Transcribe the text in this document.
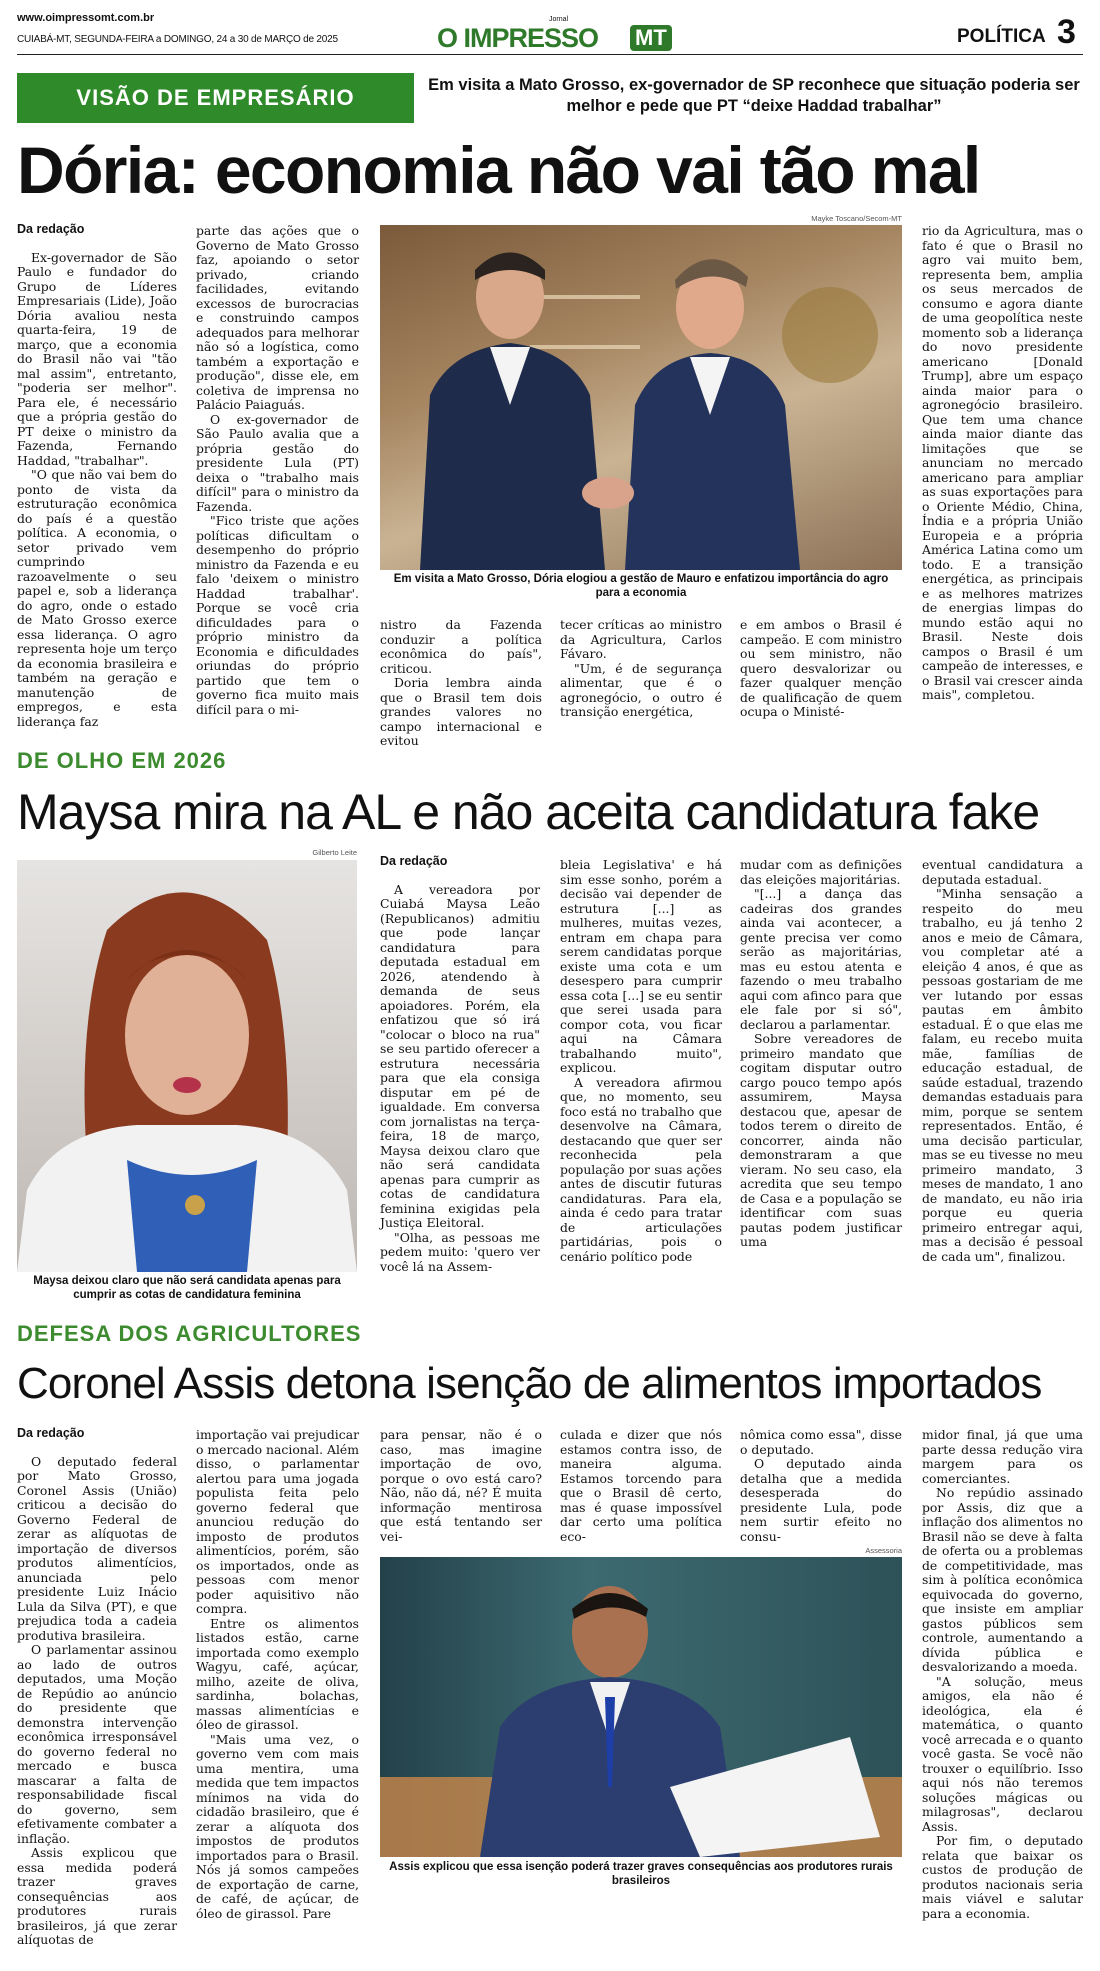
www.oimpressomt.com.br
CUIABÁ-MT, SEGUNDA-FEIRA a DOMINGO, 24 a 30 de MARÇO de 2025
Jornal
O IMPRESSO MT	POLÍTICA 3
VISÃO DE EMPRESÁRIO	Em visita a Mato Grosso, ex-governador de SP reconhece que situação poderia ser melhor e pede que PT “deixe Haddad trabalhar”
Dória: economia não vai tão mal
Da redação

Ex-governador de São Paulo e fundador do Grupo de Líderes Empresariais (Lide), João Dória avaliou nesta quarta-feira, 19 de março, que a economia do Brasil não vai "tão mal assim", entretanto, "poderia ser melhor". Para ele, é necessário que a própria gestão do PT deixe o ministro da Fazenda, Fernando Haddad, "trabalhar".

"O que não vai bem do ponto de vista da estruturação econômica do país é a questão política. A economia, o setor privado vem cumprindo razoavelmente o seu papel e, sob a liderança do agro, onde o estado de Mato Grosso exerce essa liderança. O agro representa hoje um terço da economia brasileira e também na geração e manutenção de empregos, e esta liderança faz

parte das ações que o Governo de Mato Grosso faz, apoiando o setor privado, criando facilidades, evitando excessos de burocracias e construindo campos adequados para melhorar não só a logística, como também a exportação e produção", disse ele, em coletiva de imprensa no Palácio Paiaguás.

O ex-governador de São Paulo avalia que a própria gestão do presidente Lula (PT) deixa o "trabalho mais difícil" para o ministro da Fazenda.

"Fico triste que ações políticas dificultam o desempenho do próprio ministro da Fazenda e eu falo 'deixem o ministro Haddad trabalhar'. Porque se você cria dificuldades para o próprio ministro da Economia e dificuldades oriundas do próprio partido que tem o governo fica muito mais difícil para o mi-

Mayke Toscano/Secom-MT
Em visita a Mato Grosso, Dória elogiou a gestão de Mauro e enfatizou importância do agro para a economia

nistro da Fazenda conduzir a política econômica do país", criticou.

Doria lembra ainda que o Brasil tem dois grandes valores no campo internacional e evitou

tecer críticas ao ministro da Agricultura, Carlos Fávaro.

"Um, é de segurança alimentar, que é o agronegócio, o outro é transição energética,

e em ambos o Brasil é campeão. E com ministro ou sem ministro, não quero desvalorizar ou fazer qualquer menção de qualificação de quem ocupa o Ministé-

rio da Agricultura, mas o fato é que o Brasil no agro vai muito bem, representa bem, amplia os seus mercados de consumo e agora diante de uma geopolítica neste momento sob a liderança do novo presidente americano [Donald Trump], abre um espaço ainda maior para o agronegócio brasileiro. Que tem uma chance ainda maior diante das limitações que se anunciam no mercado americano para ampliar as suas exportações para o Oriente Médio, China, Índia e a própria União Europeia e a própria América Latina como um todo. E a transição energética, as principais e as melhores matrizes de energias limpas do mundo estão aqui no Brasil. Neste dois campos o Brasil é um campeão de interesses, e o Brasil vai crescer ainda mais", completou.

DE OLHO EM 2026
Maysa mira na AL e não aceita candidatura fake
Gilberto Leite
Maysa deixou claro que não será candidata apenas para cumprir as cotas de candidatura feminina
Da redação

A vereadora por Cuiabá Maysa Leão (Republicanos) admitiu que pode lançar candidatura para deputada estadual em 2026, atendendo à demanda de seus apoiadores. Porém, ela enfatizou que só irá "colocar o bloco na rua" se seu partido oferecer a estrutura necessária para que ela consiga disputar em pé de igualdade. Em conversa com jornalistas na terça-feira, 18 de março, Maysa deixou claro que não será candidata apenas para cumprir as cotas de candidatura feminina exigidas pela Justiça Eleitoral.

"Olha, as pessoas me pedem muito: 'quero ver você lá na Assem-

bleia Legislativa' e há sim esse sonho, porém a decisão vai depender de estrutura [...] as mulheres, muitas vezes, entram em chapa para serem candidatas porque existe uma cota e um desespero para cumprir essa cota [...] se eu sentir que serei usada para compor cota, vou ficar aqui na Câmara trabalhando muito", explicou.

A vereadora afirmou que, no momento, seu foco está no trabalho que desenvolve na Câmara, destacando que quer ser reconhecida pela população por suas ações antes de discutir futuras candidaturas. Para ela, ainda é cedo para tratar de articulações partidárias, pois o cenário político pode

mudar com as definições das eleições majoritárias.

"[...] a dança das cadeiras dos grandes ainda vai acontecer, a gente precisa ver como serão as majoritárias, mas eu estou atenta e fazendo o meu trabalho aqui com afinco para que ele fale por si só", declarou a parlamentar.

Sobre vereadores de primeiro mandato que cogitam disputar outro cargo pouco tempo após assumirem, Maysa destacou que, apesar de todos terem o direito de concorrer, ainda não demonstraram a que vieram. No seu caso, ela acredita que seu tempo de Casa e a população se identificar com suas pautas podem justificar uma

eventual candidatura a deputada estadual.

"Minha sensação a respeito do meu trabalho, eu já tenho 2 anos e meio de Câmara, vou completar até a eleição 4 anos, é que as pessoas gostariam de me ver lutando por essas pautas em âmbito estadual. É o que elas me falam, eu recebo muita mãe, famílias de educação estadual, de saúde estadual, trazendo demandas estaduais para mim, porque se sentem representados. Então, é uma decisão particular, mas se eu tivesse no meu primeiro mandato, 3 meses de mandato, 1 ano de mandato, eu não iria porque eu queria primeiro entregar aqui, mas a decisão é pessoal de cada um", finalizou.

DEFESA DOS AGRICULTORES
Coronel Assis detona isenção de alimentos importados
Da redação

O deputado federal por Mato Grosso, Coronel Assis (União) criticou a decisão do Governo Federal de zerar as alíquotas de importação de diversos produtos alimentícios, anunciada pelo presidente Luiz Inácio Lula da Silva (PT), e que prejudica toda a cadeia produtiva brasileira.

O parlamentar assinou ao lado de outros deputados, uma Moção de Repúdio ao anúncio do presidente que demonstra intervenção econômica irresponsável do governo federal no mercado e busca mascarar a falta de responsabilidade fiscal do governo, sem efetivamente combater a inflação.

Assis explicou que essa medida poderá trazer graves consequências aos produtores rurais brasileiros, já que zerar alíquotas de

importação vai prejudicar o mercado nacional. Além disso, o parlamentar alertou para uma jogada populista feita pelo governo federal que anunciou redução do imposto de produtos alimentícios, porém, são os importados, onde as pessoas com menor poder aquisitivo não compra.

Entre os alimentos listados estão, carne importada como exemplo Wagyu, café, açúcar, milho, azeite de oliva, sardinha, bolachas, massas alimentícias e óleo de girassol.

"Mais uma vez, o governo vem com mais uma mentira, uma medida que tem impactos mínimos na vida do cidadão brasileiro, que é zerar a alíquota dos impostos de produtos importados para o Brasil. Nós já somos campeões de exportação de carne, de café, de açúcar, de óleo de girassol. Pare

para pensar, não é o caso, mas imagine importação de ovo, porque o ovo está caro? Não, não dá, né? É muita informação mentirosa que está tentando ser vei-

culada e dizer que nós estamos contra isso, de maneira alguma. Estamos torcendo para que o Brasil dê certo, mas é quase impossível dar certo uma política eco-

nômica como essa", disse o deputado.

O deputado ainda detalha que a medida desesperada do presidente Lula, pode nem surtir efeito no consu-

Assessoria
Assis explicou que essa isenção poderá trazer graves consequências aos produtores rurais brasileiros

midor final, já que uma parte dessa redução vira margem para os comerciantes.

No repúdio assinado por Assis, diz que a inflação dos alimentos no Brasil não se deve à falta de oferta ou a problemas de competitividade, mas sim à política econômica equivocada do governo, que insiste em ampliar gastos públicos sem controle, aumentando a dívida pública e desvalorizando a moeda.

"A solução, meus amigos, ela não é ideológica, ela é matemática, o quanto você arrecada e o quanto você gasta. Se você não trouxer o equilíbrio. Isso aqui nós não teremos soluções mágicas ou milagrosas", declarou Assis.

Por fim, o deputado relata que baixar os custos de produção de produtos nacionais seria mais viável e salutar para a economia.
